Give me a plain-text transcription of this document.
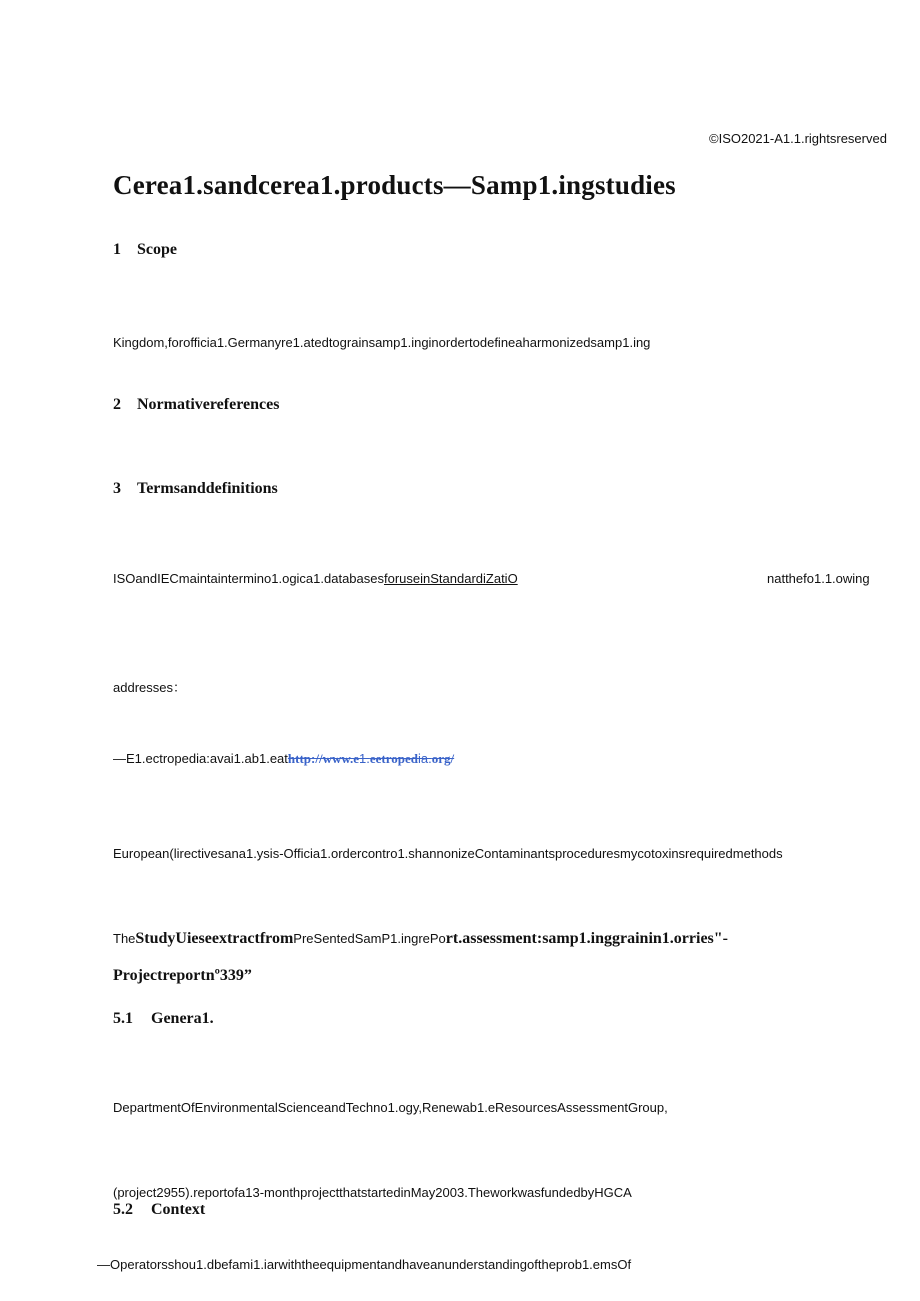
©ISO2021-A1.1.rightsreserved
Cerea1.sandcerea1.products—Samp1.ingstudies
1 Scope
Kingdom,forofficia1.Germanyre1.atedtograinsamp1.inginordertodefineaharmonizedsamp1.ing
2 Normativereferences
3 Termsanddefinitions
ISOandIECmaintaintermino1.ogica1.databasesforuseinStandardiZatiO	natthefo1.1.owing
addresses：
—E1.ectropedia:avai1.ab1.eathttp://www.e1.eetropedia.org/
European(lirectivesana1.ysis-Officia1.ordercontro1.shannonizeContaminantsproceduresmycotoxinsrequiredmethods
TheStudyUieseextractfromPreSentedSamP1.ingrePort.assessment:samp1.inggrainin1.orries"-
Projectreportnº339”
5.1 Genera1.
DepartmentOfEnvironmentalScienceandTechno1.ogy,Renewab1.eResourcesAssessmentGroup,
(project2955).reportofa13-monthprojectthatstartedinMay2003.TheworkwasfundedbyHGCA
5.2 Context
—Operatorsshou1.dbefami1.iarwiththeequipmentandhaveanunderstandingoftheprob1.emsOf
